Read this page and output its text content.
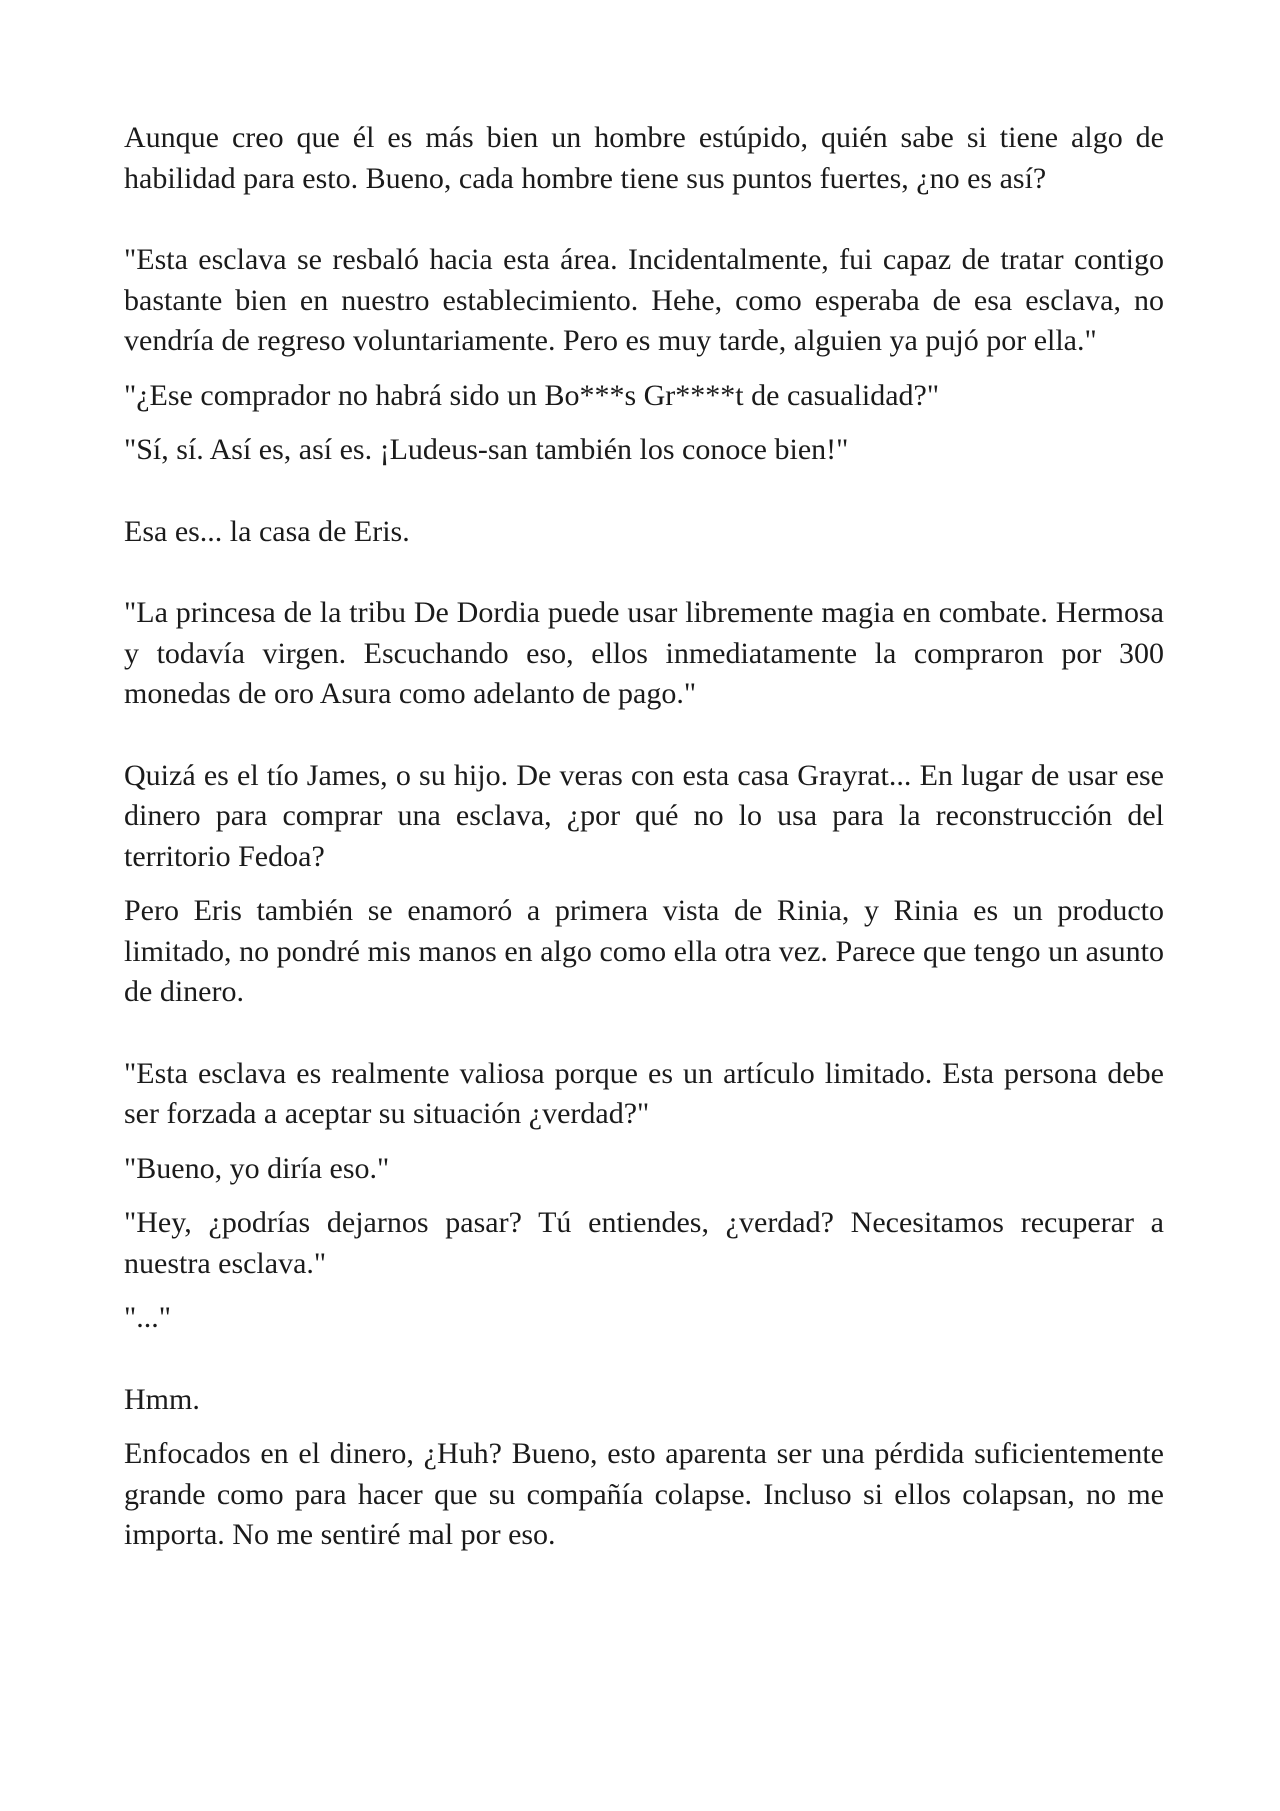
Aunque creo que él es más bien un hombre estúpido, quién sabe si tiene algo de habilidad para esto. Bueno, cada hombre tiene sus puntos fuertes, ¿no es así?

"Esta esclava se resbaló hacia esta área. Incidentalmente, fui capaz de tratar contigo bastante bien en nuestro establecimiento. Hehe, como esperaba de esa esclava, no vendría de regreso voluntariamente. Pero es muy tarde, alguien ya pujó por ella."

"¿Ese comprador no habrá sido un Bo***s Gr****t de casualidad?"

"Sí, sí. Así es, así es. ¡Ludeus-san también los conoce bien!"

Esa es... la casa de Eris.

"La princesa de la tribu De Dordia puede usar libremente magia en combate. Hermosa y todavía virgen. Escuchando eso, ellos inmediatamente la compraron por 300 monedas de oro Asura como adelanto de pago."

Quizá es el tío James, o su hijo. De veras con esta casa Grayrat... En lugar de usar ese dinero para comprar una esclava, ¿por qué no lo usa para la reconstrucción del territorio Fedoa?

Pero Eris también se enamoró a primera vista de Rinia, y Rinia es un producto limitado, no pondré mis manos en algo como ella otra vez. Parece que tengo un asunto de dinero.

"Esta esclava es realmente valiosa porque es un artículo limitado. Esta persona debe ser forzada a aceptar su situación ¿verdad?"

"Bueno, yo diría eso."

"Hey, ¿podrías dejarnos pasar? Tú entiendes, ¿verdad? Necesitamos recuperar a nuestra esclava."

"..."

Hmm.

Enfocados en el dinero, ¿Huh? Bueno, esto aparenta ser una pérdida suficientemente grande como para hacer que su compañía colapse. Incluso si ellos colapsan, no me importa. No me sentiré mal por eso.
